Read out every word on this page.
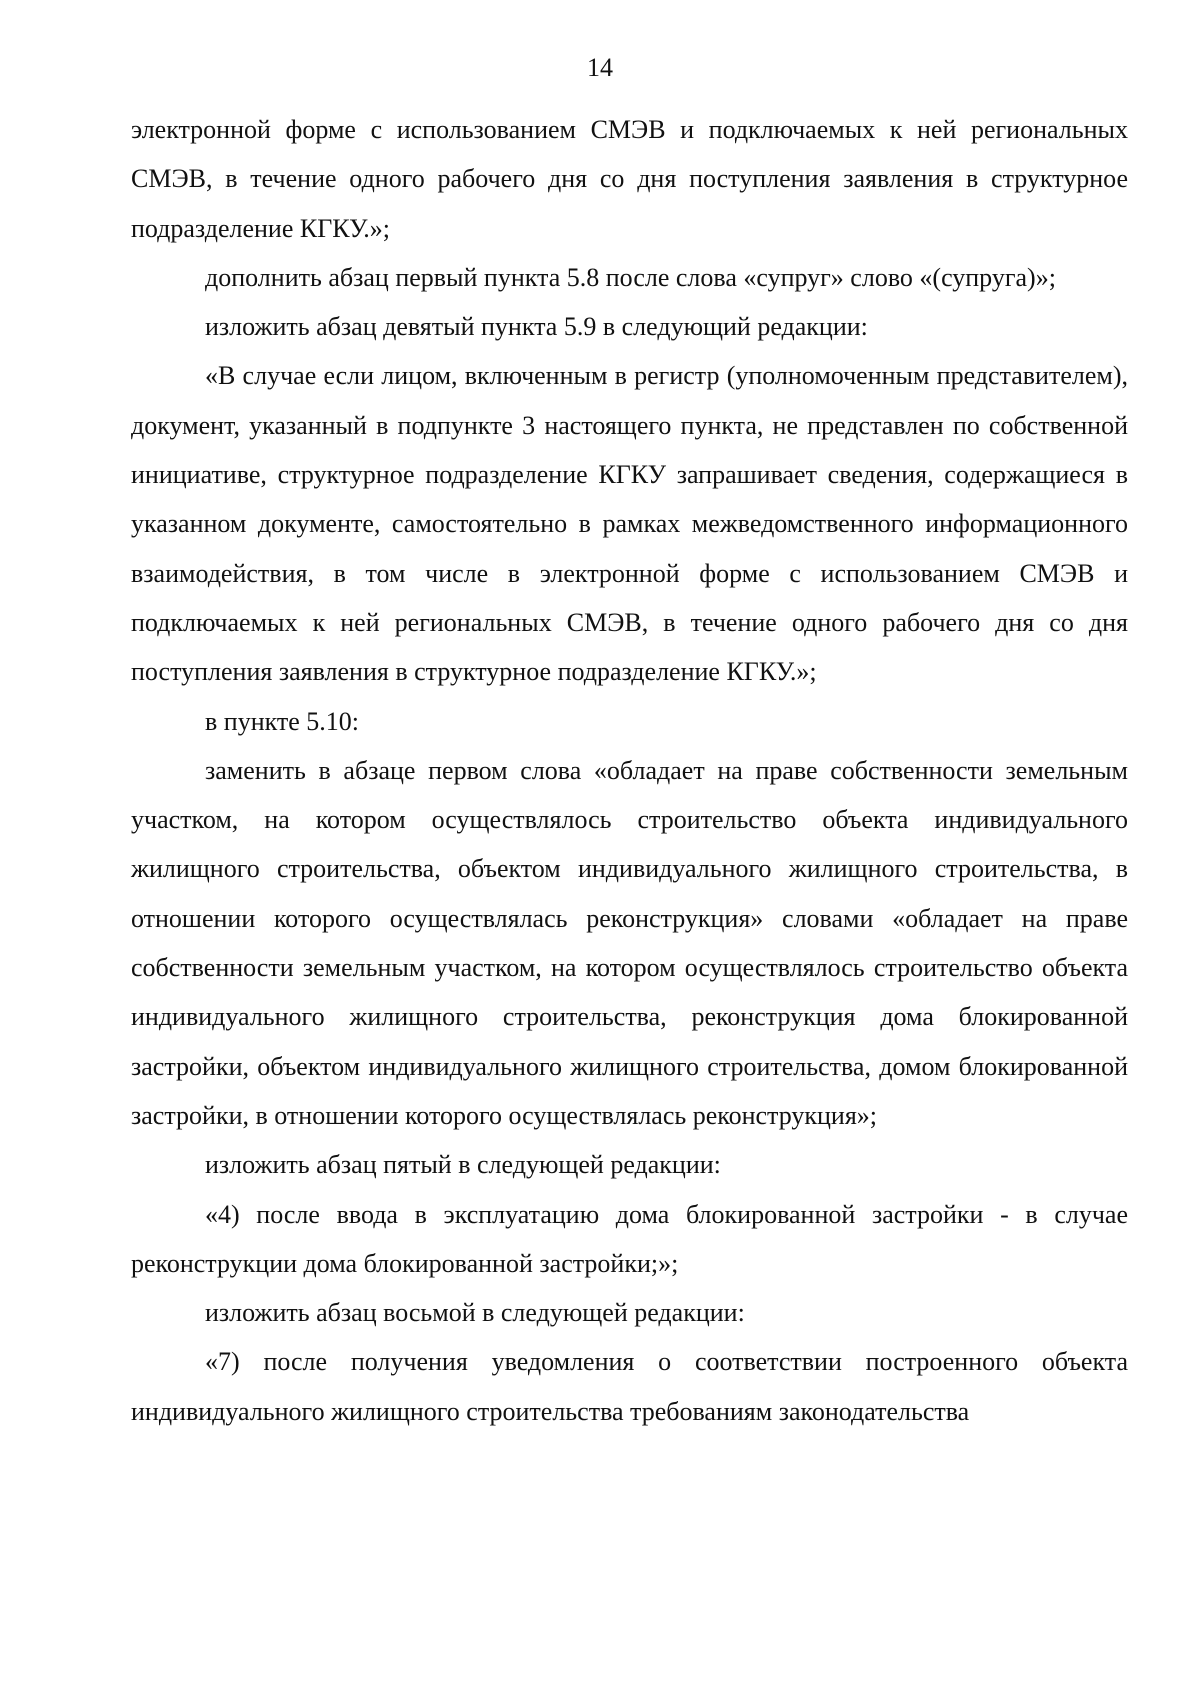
14

электронной форме с использованием СМЭВ и подключаемых к ней региональных СМЭВ, в течение одного рабочего дня со дня поступления заявления в структурное подразделение КГКУ.»;

дополнить абзац первый пункта 5.8 после слова «супруг» слово «(супруга)»;

изложить абзац девятый пункта 5.9 в следующий редакции:

«В случае если лицом, включенным в регистр (уполномоченным представителем), документ, указанный в подпункте 3 настоящего пункта, не представлен по собственной инициативе, структурное подразделение КГКУ запрашивает сведения, содержащиеся в указанном документе, самостоятельно в рамках межведомственного информационного взаимодействия, в том числе в электронной форме с использованием СМЭВ и подключаемых к ней региональных СМЭВ, в течение одного рабочего дня со дня поступления заявления в структурное подразделение КГКУ.»;

в пункте 5.10:

заменить в абзаце первом слова «обладает на праве собственности земельным участком, на котором осуществлялось строительство объекта индивидуального жилищного строительства, объектом индивидуального жилищного строительства, в отношении которого осуществлялась реконструкция» словами «обладает на праве собственности земельным участком, на котором осуществлялось строительство объекта индивидуального жилищного строительства, реконструкция дома блокированной застройки, объектом индивидуального жилищного строительства, домом блокированной застройки, в отношении которого осуществлялась реконструкция»;

изложить абзац пятый в следующей редакции:

«4) после ввода в эксплуатацию дома блокированной застройки - в случае реконструкции дома блокированной застройки;»;

изложить абзац восьмой в следующей редакции:

«7) после получения уведомления о соответствии построенного объекта индивидуального жилищного строительства требованиям законодательства
